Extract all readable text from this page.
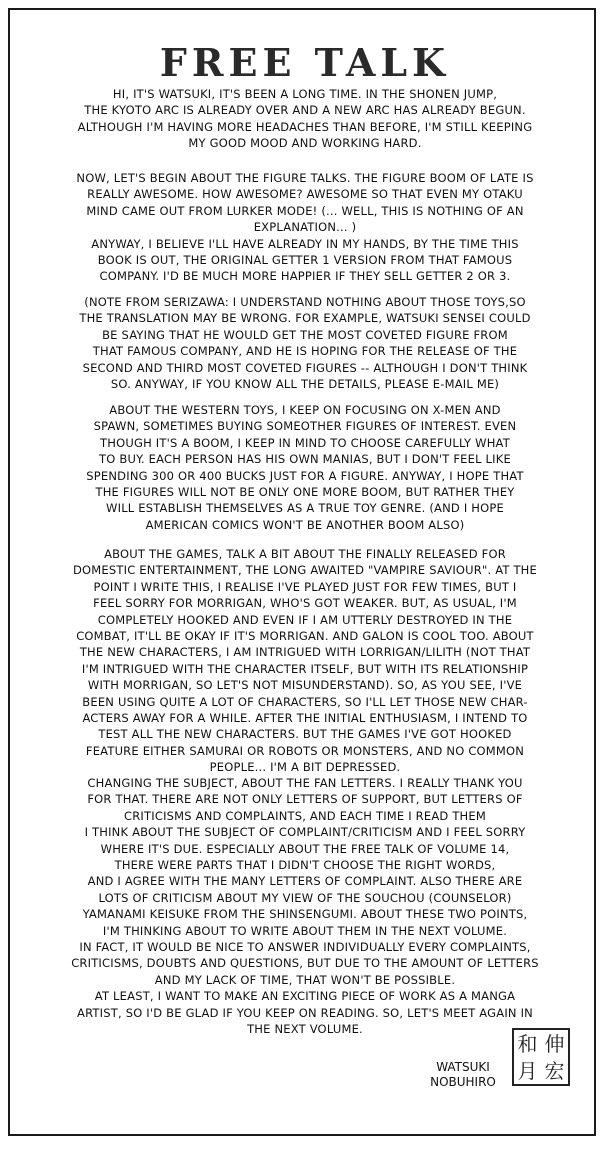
FREE TALK

HI, IT'S WATSUKI, IT'S BEEN A LONG TIME. IN THE SHONEN JUMP,
THE KYOTO ARC IS ALREADY OVER AND A NEW ARC HAS ALREADY BEGUN.
ALTHOUGH I'M HAVING MORE HEADACHES THAN BEFORE, I'M STILL KEEPING
MY GOOD MOOD AND WORKING HARD.

NOW, LET'S BEGIN ABOUT THE FIGURE TALKS. THE FIGURE BOOM OF LATE IS
REALLY AWESOME. HOW AWESOME? AWESOME SO THAT EVEN MY OTAKU
MIND CAME OUT FROM LURKER MODE! (... WELL, THIS IS NOTHING OF AN
EXPLANATION... )
ANYWAY, I BELIEVE I'LL HAVE ALREADY IN MY HANDS, BY THE TIME THIS
BOOK IS OUT, THE ORIGINAL GETTER 1 VERSION FROM THAT FAMOUS
COMPANY. I'D BE MUCH MORE HAPPIER IF THEY SELL GETTER 2 OR 3.

(NOTE FROM SERIZAWA: I UNDERSTAND NOTHING ABOUT THOSE TOYS,SO
THE TRANSLATION MAY BE WRONG. FOR EXAMPLE, WATSUKI SENSEI COULD
BE SAYING THAT HE WOULD GET THE MOST COVETED FIGURE FROM
THAT FAMOUS COMPANY, AND HE IS HOPING FOR THE RELEASE OF THE
SECOND AND THIRD MOST COVETED FIGURES -- ALTHOUGH I DON'T THINK
SO. ANYWAY, IF YOU KNOW ALL THE DETAILS, PLEASE E-MAIL ME)

ABOUT THE WESTERN TOYS, I KEEP ON FOCUSING ON X-MEN AND
SPAWN, SOMETIMES BUYING SOMEOTHER FIGURES OF INTEREST. EVEN
THOUGH IT'S A BOOM, I KEEP IN MIND TO CHOOSE CAREFULLY WHAT
TO BUY. EACH PERSON HAS HIS OWN MANIAS, BUT I DON'T FEEL LIKE
SPENDING 300 OR 400 BUCKS JUST FOR A FIGURE. ANYWAY, I HOPE THAT
THE FIGURES WILL NOT BE ONLY ONE MORE BOOM, BUT RATHER THEY
WILL ESTABLISH THEMSELVES AS A TRUE TOY GENRE. (AND I HOPE
AMERICAN COMICS WON'T BE ANOTHER BOOM ALSO)

ABOUT THE GAMES, TALK A BIT ABOUT THE FINALLY RELEASED FOR
DOMESTIC ENTERTAINMENT, THE LONG AWAITED "VAMPIRE SAVIOUR". AT THE
POINT I WRITE THIS, I REALISE I'VE PLAYED JUST FOR FEW TIMES, BUT I
FEEL SORRY FOR MORRIGAN, WHO'S GOT WEAKER. BUT, AS USUAL, I'M
COMPLETELY HOOKED AND EVEN IF I AM UTTERLY DESTROYED IN THE
COMBAT, IT'LL BE OKAY IF IT'S MORRIGAN. AND GALON IS COOL TOO. ABOUT
THE NEW CHARACTERS, I AM INTRIGUED WITH LORRIGAN/LILITH (NOT THAT
I'M INTRIGUED WITH THE CHARACTER ITSELF, BUT WITH ITS RELATIONSHIP
WITH MORRIGAN, SO LET'S NOT MISUNDERSTAND). SO, AS YOU SEE, I'VE
BEEN USING QUITE A LOT OF CHARACTERS, SO I'LL LET THOSE NEW CHAR-
ACTERS AWAY FOR A WHILE. AFTER THE INITIAL ENTHUSIASM, I INTEND TO
TEST ALL THE NEW CHARACTERS. BUT THE GAMES I'VE GOT HOOKED
FEATURE EITHER SAMURAI OR ROBOTS OR MONSTERS, AND NO COMMON
PEOPLE... I'M A BIT DEPRESSED.

CHANGING THE SUBJECT, ABOUT THE FAN LETTERS. I REALLY THANK YOU
FOR THAT. THERE ARE NOT ONLY LETTERS OF SUPPORT, BUT LETTERS OF
CRITICISMS AND COMPLAINTS, AND EACH TIME I READ THEM
I THINK ABOUT THE SUBJECT OF COMPLAINT/CRITICISM AND I FEEL SORRY
WHERE IT'S DUE. ESPECIALLY ABOUT THE FREE TALK OF VOLUME 14,
THERE WERE PARTS THAT I DIDN'T CHOOSE THE RIGHT WORDS,
AND I AGREE WITH THE MANY LETTERS OF COMPLAINT. ALSO THERE ARE
LOTS OF CRITICISM ABOUT MY VIEW OF THE SOUCHOU (COUNSELOR)
YAMANAMI KEISUKE FROM THE SHINSENGUMI. ABOUT THESE TWO POINTS,
I'M THINKING ABOUT TO WRITE ABOUT THEM IN THE NEXT VOLUME.
IN FACT, IT WOULD BE NICE TO ANSWER INDIVIDUALLY EVERY COMPLAINTS,
CRITICISMS, DOUBTS AND QUESTIONS, BUT DUE TO THE AMOUNT OF LETTERS
AND MY LACK OF TIME, THAT WON'T BE POSSIBLE.
AT LEAST, I WANT TO MAKE AN EXCITING PIECE OF WORK AS A MANGA
ARTIST, SO I'D BE GLAD IF YOU KEEP ON READING. SO, LET'S MEET AGAIN IN
THE NEXT VOLUME.

WATSUKI
NOBUHIRO
和 伸
月 宏
